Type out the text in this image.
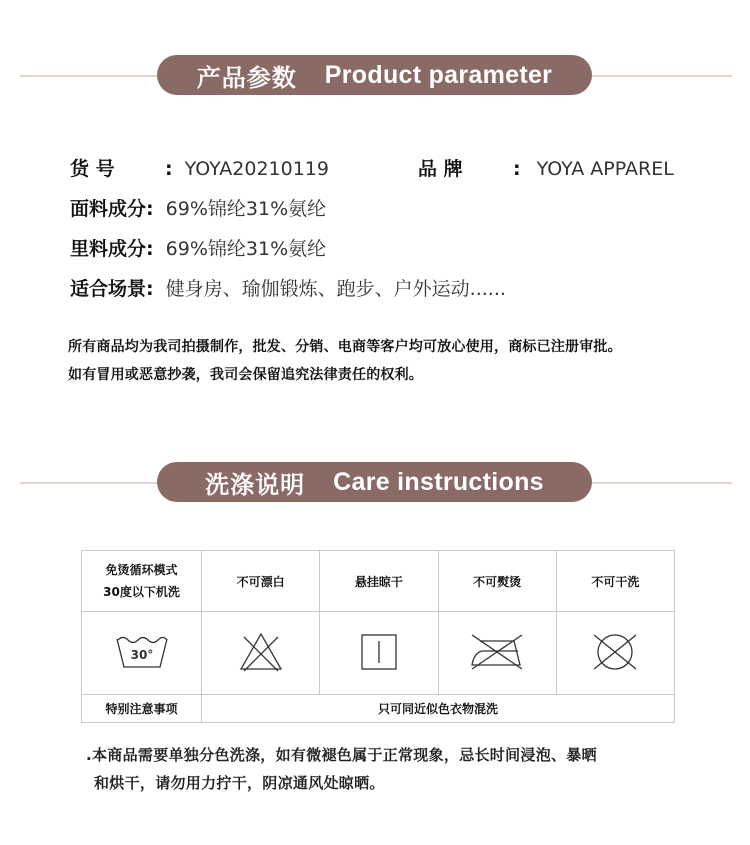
产品参数 Product parameter
货 号	: YOYA20210119	品 牌	: YOYA APPAREL
面料成分: 69%锦纶31%氨纶
里料成分: 69%锦纶31%氨纶
适合场景: 健身房、瑜伽锻炼、跑步、户外运动......
所有商品均为我司拍摄制作，批发、分销、电商等客户均可放心使用，商标已注册审批。
如有冒用或恶意抄袭，我司会保留追究法律责任的权利。
洗涤说明 Care instructions
免烫循环模式
30度以下机洗	不可漂白	悬挂晾干	不可熨烫	不可干洗

30°

特别注意事项	只可同近似色衣物混洗			
.本商品需要单独分色洗涤，如有微褪色属于正常现象，忌长时间浸泡、暴晒
和烘干，请勿用力拧干，阴凉通风处晾晒。
